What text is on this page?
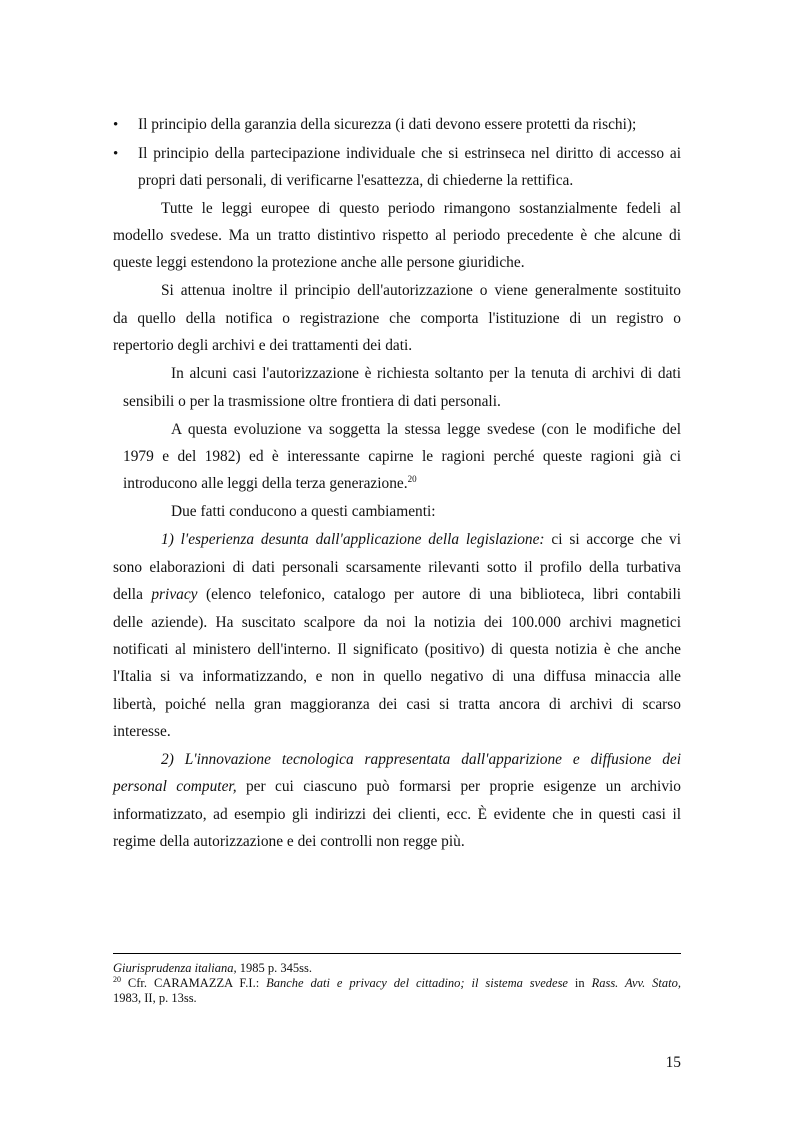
• Il principio della garanzia della sicurezza (i dati devono essere protetti da rischi);
• Il principio della partecipazione individuale che si estrinseca nel diritto di accesso ai
propri dati personali, di verificarne l'esattezza, di chiederne la rettifica.
Tutte le leggi europee di questo periodo rimangono sostanzialmente fedeli al
modello svedese. Ma un tratto distintivo rispetto al periodo precedente è che alcune di
queste leggi estendono la protezione anche alle persone giuridiche.
Si attenua inoltre il principio dell'autorizzazione o viene generalmente sostituito
da quello della notifica o registrazione che comporta l'istituzione di un registro o
repertorio degli archivi e dei trattamenti dei dati.
In alcuni casi l'autorizzazione è richiesta soltanto per la tenuta di archivi di dati
sensibili o per la trasmissione oltre frontiera di dati personali.
A questa evoluzione va soggetta la stessa legge svedese (con le modifiche del
1979 e del 1982) ed è interessante capirne le ragioni perché queste ragioni già ci
introducono alle leggi della terza generazione.$^{20}$
Due fatti conducono a questi cambiamenti:
1) l'esperienza desunta dall'applicazione della legislazione: ci si accorge che vi
sono elaborazioni di dati personali scarsamente rilevanti sotto il profilo della turbativa
della privacy (elenco telefonico, catalogo per autore di una biblioteca, libri contabili
delle aziende). Ha suscitato scalpore da noi la notizia dei 100.000 archivi magnetici
notificati al ministero dell'interno. Il significato (positivo) di questa notizia è che anche
l'Italia si va informatizzando, e non in quello negativo di una diffusa minaccia alle
libertà, poiché nella gran maggioranza dei casi si tratta ancora di archivi di scarso
interesse.
2) L'innovazione tecnologica rappresentata dall'apparizione e diffusione dei
personal computer, per cui ciascuno può formarsi per proprie esigenze un archivio
informatizzato, ad esempio gli indirizzi dei clienti, ecc. È evidente che in questi casi il
regime della autorizzazione e dei controlli non regge più.
Giurisprudenza italiana, 1985 p. 345ss.
$^{20}$ Cfr. CARAMAZZA F.I.: Banche dati e privacy del cittadino; il sistema svedese in Rass. Avv. Stato,
1983, II, p. 13ss.
15
